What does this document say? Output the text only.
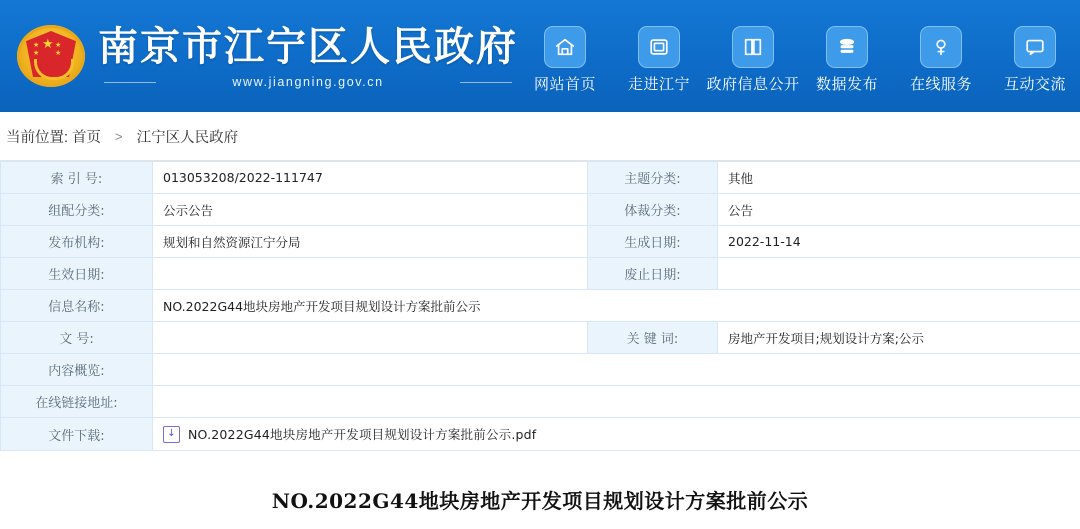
★
★
★
★
★ 南京市江宁区人民政府
www.jiangning.gov.cn	网站首页 走进江宁 政府信息公开 数据发布 在线服务 互动交流
当前位置: 首页 > 江宁区人民政府
索 引 号:	013053208/2022-111747	主题分类:	其他
组配分类:	公示公告	体裁分类:	公告
发布机构:	规划和自然资源江宁分局	生成日期:	2022-11-14
生效日期:		废止日期:	
信息名称:	NO.2022G44地块房地产开发项目规划设计方案批前公示		
文 号:		关 键 词:	房地产开发项目;规划设计方案;公示
内容概览:			
在线链接地址:			
文件下载:	↓ NO.2022G44地块房地产开发项目规划设计方案批前公示.pdf		
NO.2022G44地块房地产开发项目规划设计方案批前公示
